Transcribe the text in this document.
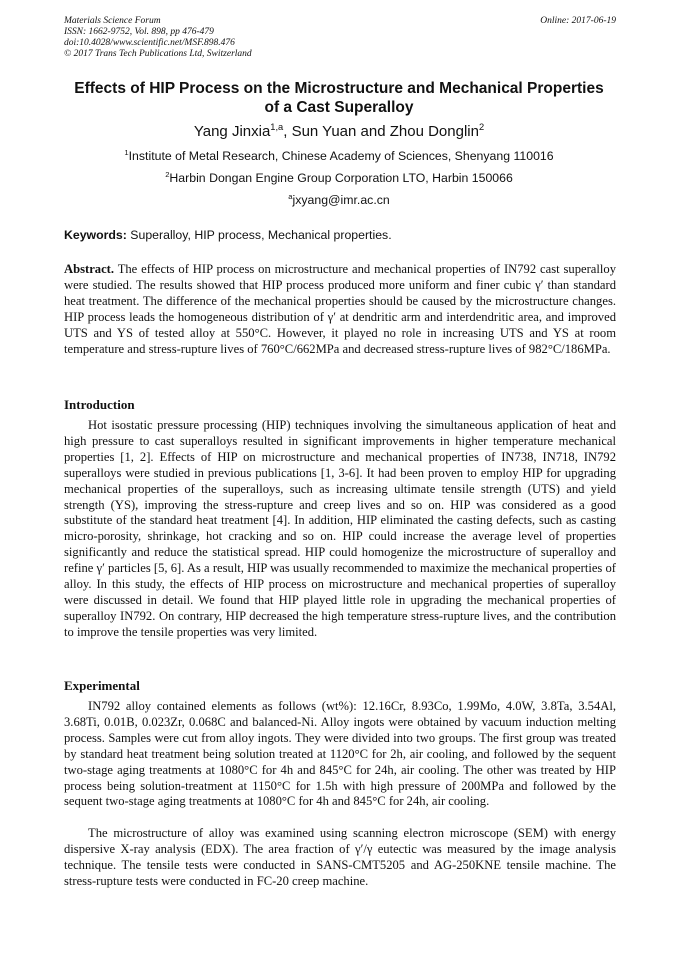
Materials Science Forum
ISSN: 1662-9752, Vol. 898, pp 476-479
doi:10.4028/www.scientific.net/MSF.898.476
© 2017 Trans Tech Publications Ltd, Switzerland
Online: 2017-06-19
Effects of HIP Process on the Microstructure and Mechanical Properties
of a Cast Superalloy
Yang Jinxia$^{1,a}$, Sun Yuan and Zhou Donglin$^2$
$^1$Institute of Metal Research, Chinese Academy of Sciences, Shenyang 110016
$^2$Harbin Dongan Engine Group Corporation LTO, Harbin 150066
$^a$jxyang@imr.ac.cn
Keywords: Superalloy, HIP process, Mechanical properties.
Abstract. The effects of HIP process on microstructure and mechanical properties of IN792 cast superalloy were studied. The results showed that HIP process produced more uniform and finer cubic γ′ than standard heat treatment. The difference of the mechanical properties should be caused by the microstructure changes. HIP process leads the homogeneous distribution of γ′ at dendritic arm and interdendritic area, and improved UTS and YS of tested alloy at 550°C. However, it played no role in increasing UTS and YS at room temperature and stress-rupture lives of 760°C/662MPa and decreased stress-rupture lives of 982°C/186MPa.
Introduction
Hot isostatic pressure processing (HIP) techniques involving the simultaneous application of heat and high pressure to cast superalloys resulted in significant improvements in higher temperature mechanical properties [1, 2]. Effects of HIP on microstructure and mechanical properties of IN738, IN718, IN792 superalloys were studied in previous publications [1, 3-6]. It had been proven to employ HIP for upgrading mechanical properties of the superalloys, such as increasing ultimate tensile strength (UTS) and yield strength (YS), improving the stress-rupture and creep lives and so on. HIP was considered as a good substitute of the standard heat treatment [4]. In addition, HIP eliminated the casting defects, such as casting micro-porosity, shrinkage, hot cracking and so on. HIP could increase the average level of properties significantly and reduce the statistical spread. HIP could homogenize the microstructure of superalloy and refine γ′ particles [5, 6]. As a result, HIP was usually recommended to maximize the mechanical properties of alloy. In this study, the effects of HIP process on microstructure and mechanical properties of superalloy were discussed in detail. We found that HIP played little role in upgrading the mechanical properties of superalloy IN792. On contrary, HIP decreased the high temperature stress-rupture lives, and the contribution to improve the tensile properties was very limited.
Experimental
IN792 alloy contained elements as follows (wt%): 12.16Cr, 8.93Co, 1.99Mo, 4.0W, 3.8Ta, 3.54Al, 3.68Ti, 0.01B, 0.023Zr, 0.068C and balanced-Ni. Alloy ingots were obtained by vacuum induction melting process. Samples were cut from alloy ingots. They were divided into two groups. The first group was treated by standard heat treatment being solution treated at 1120°C for 2h, air cooling, and followed by the sequent two-stage aging treatments at 1080°C for 4h and 845°C for 24h, air cooling. The other was treated by HIP process being solution-treatment at 1150°C for 1.5h with high pressure of 200MPa and followed by the sequent two-stage aging treatments at 1080°C for 4h and 845°C for 24h, air cooling.
The microstructure of alloy was examined using scanning electron microscope (SEM) with energy dispersive X-ray analysis (EDX). The area fraction of γ′/γ eutectic was measured by the image analysis technique. The tensile tests were conducted in SANS-CMT5205 and AG-250KNE tensile machine. The stress-rupture tests were conducted in FC-20 creep machine.
